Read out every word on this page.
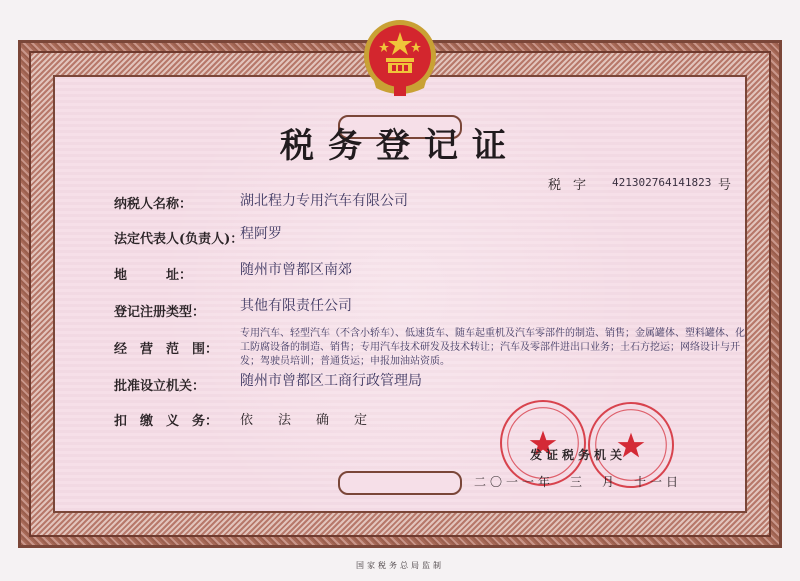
税务登记证
税字 421302764141823 号
纳税人名称：	湖北程力专用汽车有限公司
法定代表人(负责人)：
程阿罗
地　　　址：	随州市曾都区南郊
登记注册类型： 其他有限责任公司
经　营　范　围：
专用汽车、轻型汽车（不含小轿车）、低速货车、随车起重机及汽车零部件的制造、销售；金属罐体、塑料罐体、化工防腐设备的制造、销售；专用汽车技术研发及技术转让；汽车及零部件进出口业务；土石方挖运；网络设计与开发；驾驶员培训；普通货运；申报加油站资质。
批准设立机关： 随州市曾都区工商行政管理局
扣　缴　义　务： 依　法　确　定
发证税务机关
二〇一一年　三　月　十一日
国家税务总局监制
